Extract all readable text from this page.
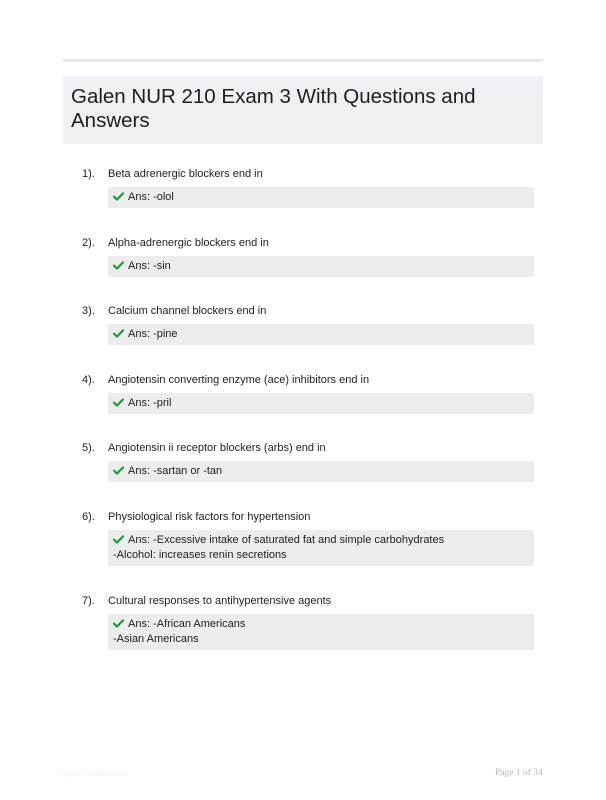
Galen NUR 210 Exam 3 With Questions and Answers
1). Beta adrenergic blockers end in
Ans: -olol
2). Alpha-adrenergic blockers end in
Ans: -sin
3). Calcium channel blockers end in
Ans: -pine
4). Angiotensin converting enzyme (ace) inhibitors end in
Ans: -pril
5). Angiotensin ii receptor blockers (arbs) end in
Ans: -sartan or -tan
6). Physiological risk factors for hypertension
Ans: -Excessive intake of saturated fat and simple carbohydrates
-Alcohol: increases renin secretions
7). Cultural responses to antihypertensive agents
Ans: -African Americans
-Asian Americans
PaperStudio.com	Page 1 of 34
